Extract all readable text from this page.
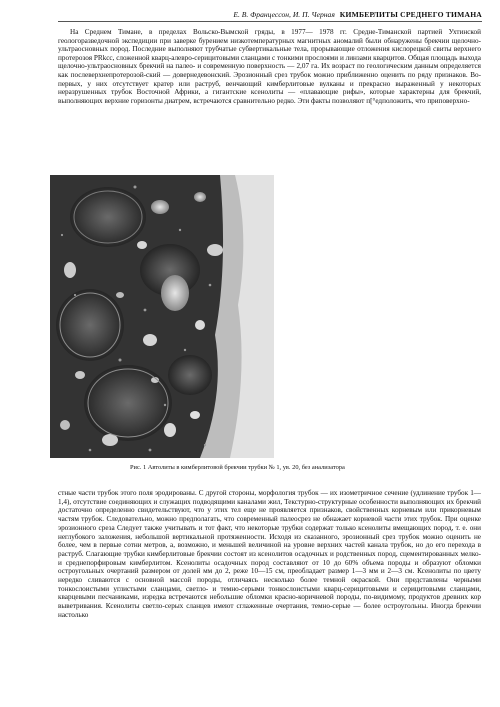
Е. В. Францессон, И. П. Черная КИМБЕРЛИТЫ СРЕДНЕГО ТИМАНА

На Среднем Тимане, в пределах Вольско-Вымской гряды, в 1977— 1978 гг. Средне-Тиманской партией Ухтинской геологоразведочной экспедиции при заверке бурением низкотемпературных магнитных аномалий были обнаружены брекчии щелочно-ультраосновных пород. Последние выполняют трубчатые субвертикальные тела, прорывающие отложения кислорецкой свиты верхнего протерозоя PRkcc, сложенной кварц-алевро-серицитовыми сланцами с тонкими прослоями и линзами кварцитов. Общая площадь выхода щелочно-ультраосновных брекчий на палео- и современную поверхность — 2,07 га. Их возраст по геологическим данным определяется как послеверхнепротерозой-ский — довернедевонский. Эрозионный срез трубок можно приближенно оценить по ряду признаков. Во-первых, у них отсутствует кратер или раструб, венчающий кимберлитовые вулканы и прекрасно выраженный у некоторых неразрушенных трубок Восточной Африки, а гигантские ксенолиты — «плавающие рифы», которые характерны для брекчий, выполняющих верхние горизонты диатрем, встречаются сравнительно редко. Эти факты позволяют п[°едположить, что приповерхно-

Рис. 1 Автолиты в кимберлитовой брекчии трубки № 1, ув. 20, без анализатора

стные части трубок этого поля эродированы. С другой стороны, морфология трубок — их изометричное сечение (удлинение трубок 1—1,4), отсутствие соединяющих и служащих подводящими каналами жил, Текстурно-структурные особенности выполняющих их брекчий достаточно определенно свидетельствуют, что у этих тел еще не проявляется признаков, свойственных корневым или прикорневым частям трубок. Следовательно, можно предполагать, что современный палеосрез не обнажает корневой части этих трубок. При оценке эрозионного среза Следует также учитывать и тот факт, что некоторые трубки содержат только ксенолиты вмещающих пород, т. е. они неглубокого заложения, небольшой вертикальной протяженности. Исходя из сказанного, эрозионный срез трубок можно оценить не более, чем в первые сотни метров, а, возможно, и меньшей величиной на уровне верхних частей канала трубок, но до его перехода в раструб. Слагающие трубки кимберлитовые брекчии состоят из ксенолитов осадочных и родственных пород, сцементированных мелко- и среднепорфировым кимберлитом. Ксенолиты осадочных пород составляют от 10 до 60% объема породы и образуют обломки остроугольных очертаний размером от долей мм до 2, реже 10—15 см, преобладает размер 1—3 мм и 2—3 см. Ксенолиты по цвету нередко сливаются с основной массой породы, отличаясь несколько более темной окраской. Они представлены черными тонкослоистыми углистыми сланцами, светло- и темно-серыми тонкослоистыми кварц-серицитовыми и серицитовыми сланцами, кварцевыми песчаниками, изредка встречаются небольшие обломки красно-коричневой породы, по-видимому, продуктов древних кор выветривания. Ксенолиты светло-серых сланцев имеют сглаженные очертания, темно-серые — более остроугольны. Иногда брекчии настолько
